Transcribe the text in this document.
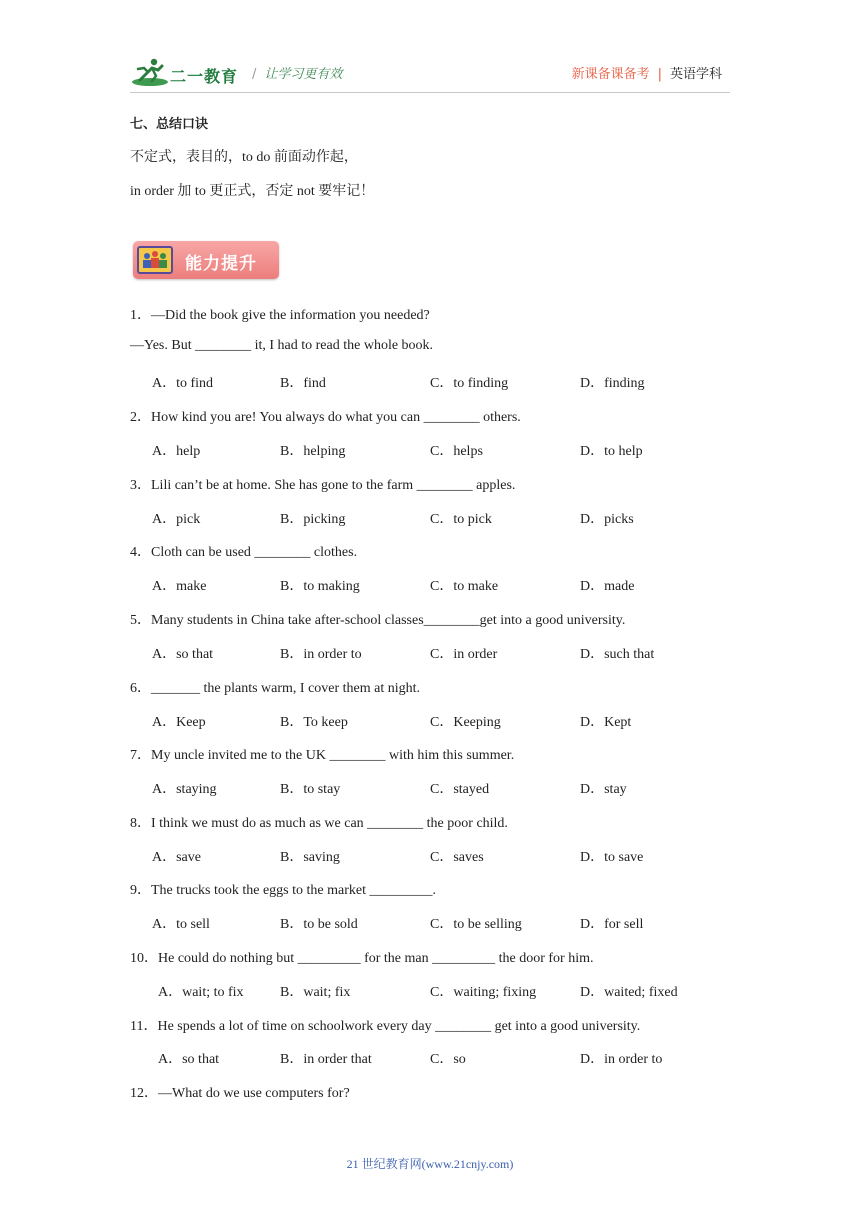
二一教育 / 让学习更有效	新课备课备考 | 英语学科
七、总结口诀
不定式，表目的，to do 前面动作起，
in order 加 to 更正式，否定 not 要牢记！
能力提升
1．—Did the book give the information you needed?
—Yes. But ________ it, I had to read the whole book.
A．to find	B．find	C．to finding	D．finding
2．How kind you are! You always do what you can ________ others.
A．help	B．helping	C．helps	D．to help
3．Lili can’t be at home. She has gone to the farm ________ apples.
A．pick	B．picking	C．to pick	D．picks
4．Cloth can be used ________ clothes.
A．make	B．to making	C．to make	D．made
5．Many students in China take after-school classes________get into a good university.
A．so that	B．in order to	C．in order	D．such that
6．_______ the plants warm, I cover them at night.
A．Keep	B．To keep	C．Keeping	D．Kept
7．My uncle invited me to the UK ________ with him this summer.
A．staying	B．to stay	C．stayed	D．stay
8．I think we must do as much as we can ________ the poor child.
A．save	B．saving	C．saves	D．to save
9．The trucks took the eggs to the market _________.
A．to sell	B．to be sold	C．to be selling	D．for sell
10．He could do nothing but _________ for the man _________ the door for him.
A．wait; to fix	B．wait; fix	C．waiting; fixing	D．waited; fixed
11．He spends a lot of time on schoolwork every day ________ get into a good university.
A．so that	B．in order that	C．so	D．in order to
12．—What do we use computers for?
21 世纪教育网(www.21cnjy.com)
